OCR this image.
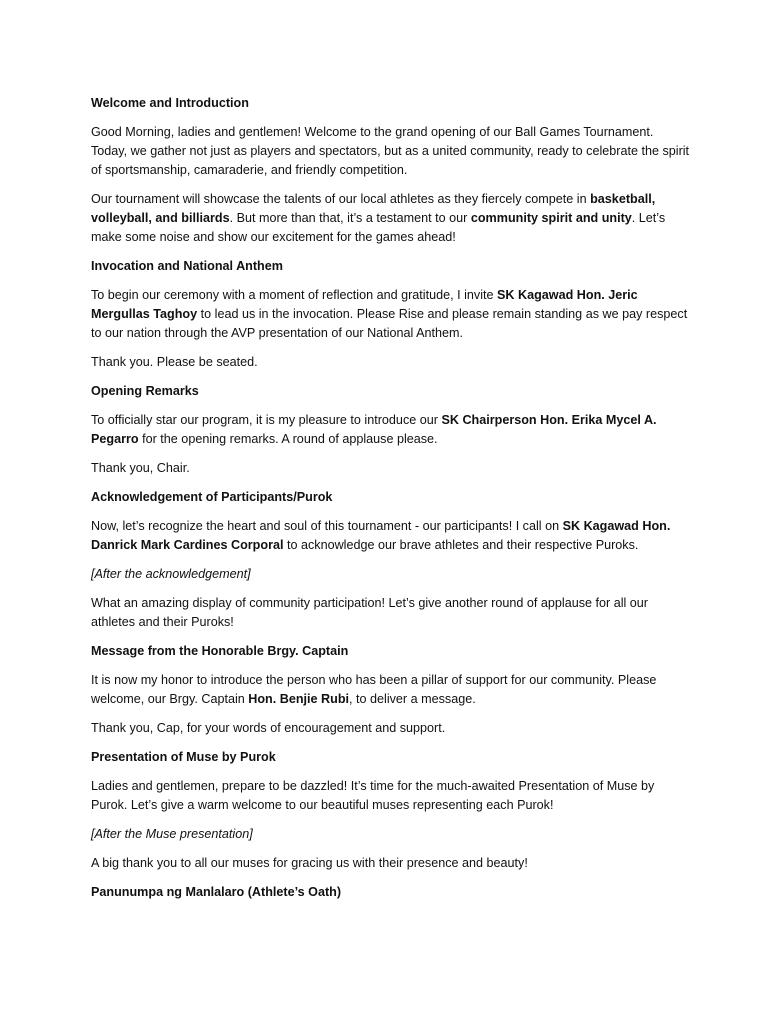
Welcome and Introduction
Good Morning, ladies and gentlemen! Welcome to the grand opening of our Ball Games Tournament. Today, we gather not just as players and spectators, but as a united community, ready to celebrate the spirit of sportsmanship, camaraderie, and friendly competition.
Our tournament will showcase the talents of our local athletes as they fiercely compete in basketball, volleyball, and billiards. But more than that, it’s a testament to our community spirit and unity. Let’s make some noise and show our excitement for the games ahead!
Invocation and National Anthem
To begin our ceremony with a moment of reflection and gratitude, I invite SK Kagawad Hon. Jeric Mergullas Taghoy to lead us in the invocation. Please Rise and please remain standing as we pay respect to our nation through the AVP presentation of our National Anthem.
Thank you. Please be seated.
Opening Remarks
To officially star our program, it is my pleasure to introduce our SK Chairperson Hon. Erika Mycel A. Pegarro for the opening remarks. A round of applause please.
Thank you, Chair.
Acknowledgement of Participants/Purok
Now, let’s recognize the heart and soul of this tournament - our participants! I call on SK Kagawad Hon. Danrick Mark Cardines Corporal to acknowledge our brave athletes and their respective Puroks.
[After the acknowledgement]
What an amazing display of community participation! Let’s give another round of applause for all our athletes and their Puroks!
Message from the Honorable Brgy. Captain
It is now my honor to introduce the person who has been a pillar of support for our community. Please welcome, our Brgy. Captain Hon. Benjie Rubi, to deliver a message.
Thank you, Cap, for your words of encouragement and support.
Presentation of Muse by Purok
Ladies and gentlemen, prepare to be dazzled! It’s time for the much-awaited Presentation of Muse by Purok. Let’s give a warm welcome to our beautiful muses representing each Purok!
[After the Muse presentation]
A big thank you to all our muses for gracing us with their presence and beauty!
Panunumpa ng Manlalaro (Athlete’s Oath)
